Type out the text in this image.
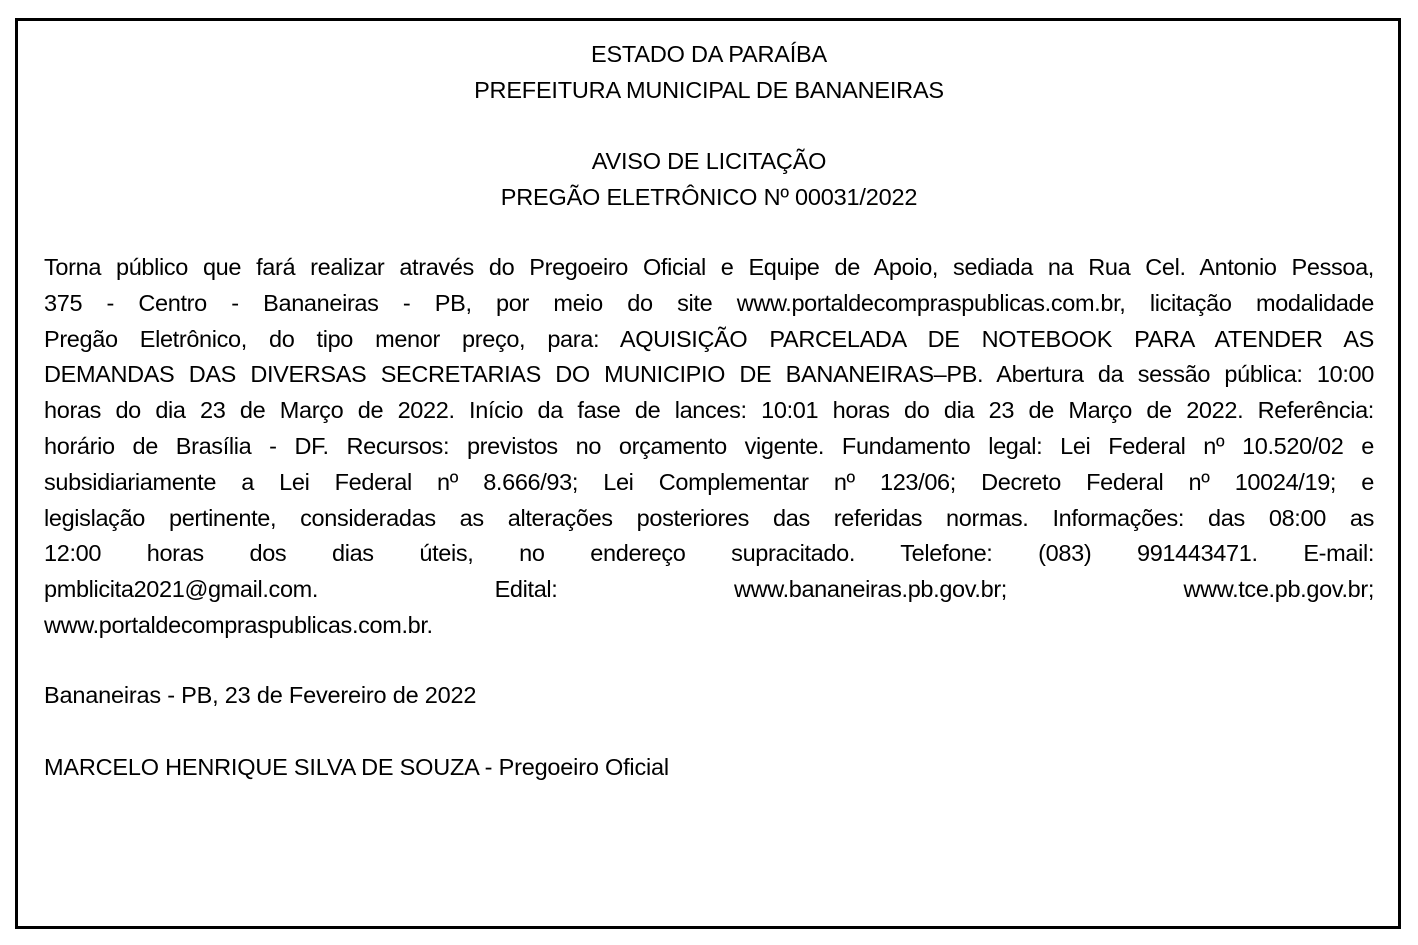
ESTADO DA PARAÍBA
PREFEITURA MUNICIPAL DE BANANEIRAS
AVISO DE LICITAÇÃO
PREGÃO ELETRÔNICO Nº 00031/2022
Torna público que fará realizar através do Pregoeiro Oficial e Equipe de Apoio, sediada na Rua Cel. Antonio Pessoa,
375 - Centro - Bananeiras - PB, por meio do site www.portaldecompraspublicas.com.br, licitação modalidade
Pregão Eletrônico, do tipo menor preço, para: AQUISIÇÃO PARCELADA DE NOTEBOOK PARA ATENDER AS
DEMANDAS DAS DIVERSAS SECRETARIAS DO MUNICIPIO DE BANANEIRAS–PB. Abertura da sessão pública: 10:00
horas do dia 23 de Março de 2022. Início da fase de lances: 10:01 horas do dia 23 de Março de 2022. Referência:
horário de Brasília - DF. Recursos: previstos no orçamento vigente. Fundamento legal: Lei Federal nº 10.520/02 e
subsidiariamente a Lei Federal nº 8.666/93; Lei Complementar nº 123/06; Decreto Federal nº 10024/19; e
legislação pertinente, consideradas as alterações posteriores das referidas normas. Informações: das 08:00 as
12:00 horas dos dias úteis, no endereço supracitado. Telefone: (083) 991443471. E-mail:
pmblicita2021@gmail.com. Edital: www.bananeiras.pb.gov.br; www.tce.pb.gov.br;
www.portaldecompraspublicas.com.br.
Bananeiras - PB, 23 de Fevereiro de 2022
MARCELO HENRIQUE SILVA DE SOUZA - Pregoeiro Oficial
